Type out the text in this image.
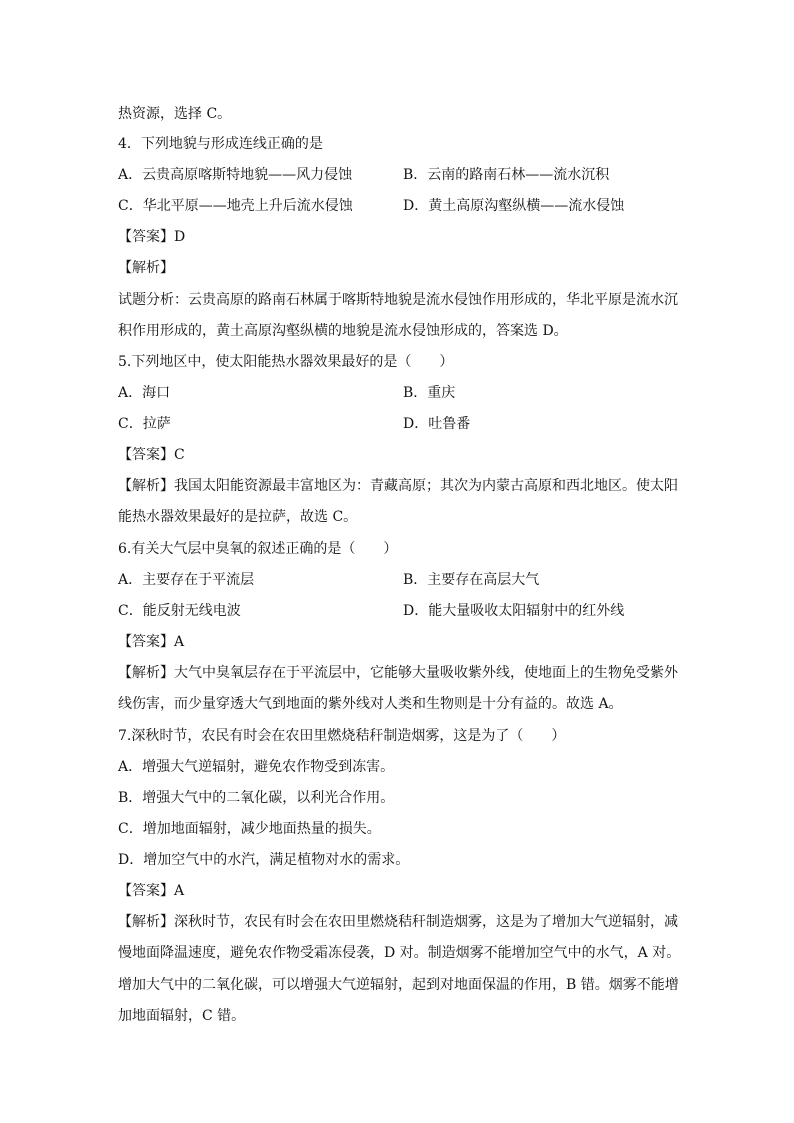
热资源，选择 C。
4．下列地貌与形成连线正确的是
A．云贵高原喀斯特地貌——风力侵蚀	B．云南的路南石林——流水沉积
C．华北平原——地壳上升后流水侵蚀	D．黄土高原沟壑纵横——流水侵蚀
【答案】D
【解析】
试题分析：云贵高原的路南石林属于喀斯特地貌是流水侵蚀作用形成的，华北平原是流水沉
积作用形成的，黄土高原沟壑纵横的地貌是流水侵蚀形成的，答案选 D。
5.下列地区中，使太阳能热水器效果最好的是（　　）
A．海口	B．重庆
C．拉萨	D．吐鲁番
【答案】C
【解析】我国太阳能资源最丰富地区为：青藏高原；其次为内蒙古高原和西北地区。使太阳
能热水器效果最好的是拉萨，故选 C。
6.有关大气层中臭氧的叙述正确的是（　　）
A．主要存在于平流层	B．主要存在高层大气
C．能反射无线电波	D．能大量吸收太阳辐射中的红外线
【答案】A
【解析】大气中臭氧层存在于平流层中，它能够大量吸收紫外线，使地面上的生物免受紫外
线伤害，而少量穿透大气到地面的紫外线对人类和生物则是十分有益的。故选 A。
7.深秋时节，农民有时会在农田里燃烧秸秆制造烟雾，这是为了（　　）
A．增强大气逆辐射，避免农作物受到冻害。
B．增强大气中的二氧化碳，以利光合作用。
C．增加地面辐射，减少地面热量的损失。
D．增加空气中的水汽，满足植物对水的需求。
【答案】A
【解析】深秋时节，农民有时会在农田里燃烧秸秆制造烟雾，这是为了增加大气逆辐射，减
慢地面降温速度，避免农作物受霜冻侵袭，D 对。制造烟雾不能增加空气中的水气，A 对。
增加大气中的二氧化碳，可以增强大气逆辐射，起到对地面保温的作用，B 错。烟雾不能增
加地面辐射，C 错。
